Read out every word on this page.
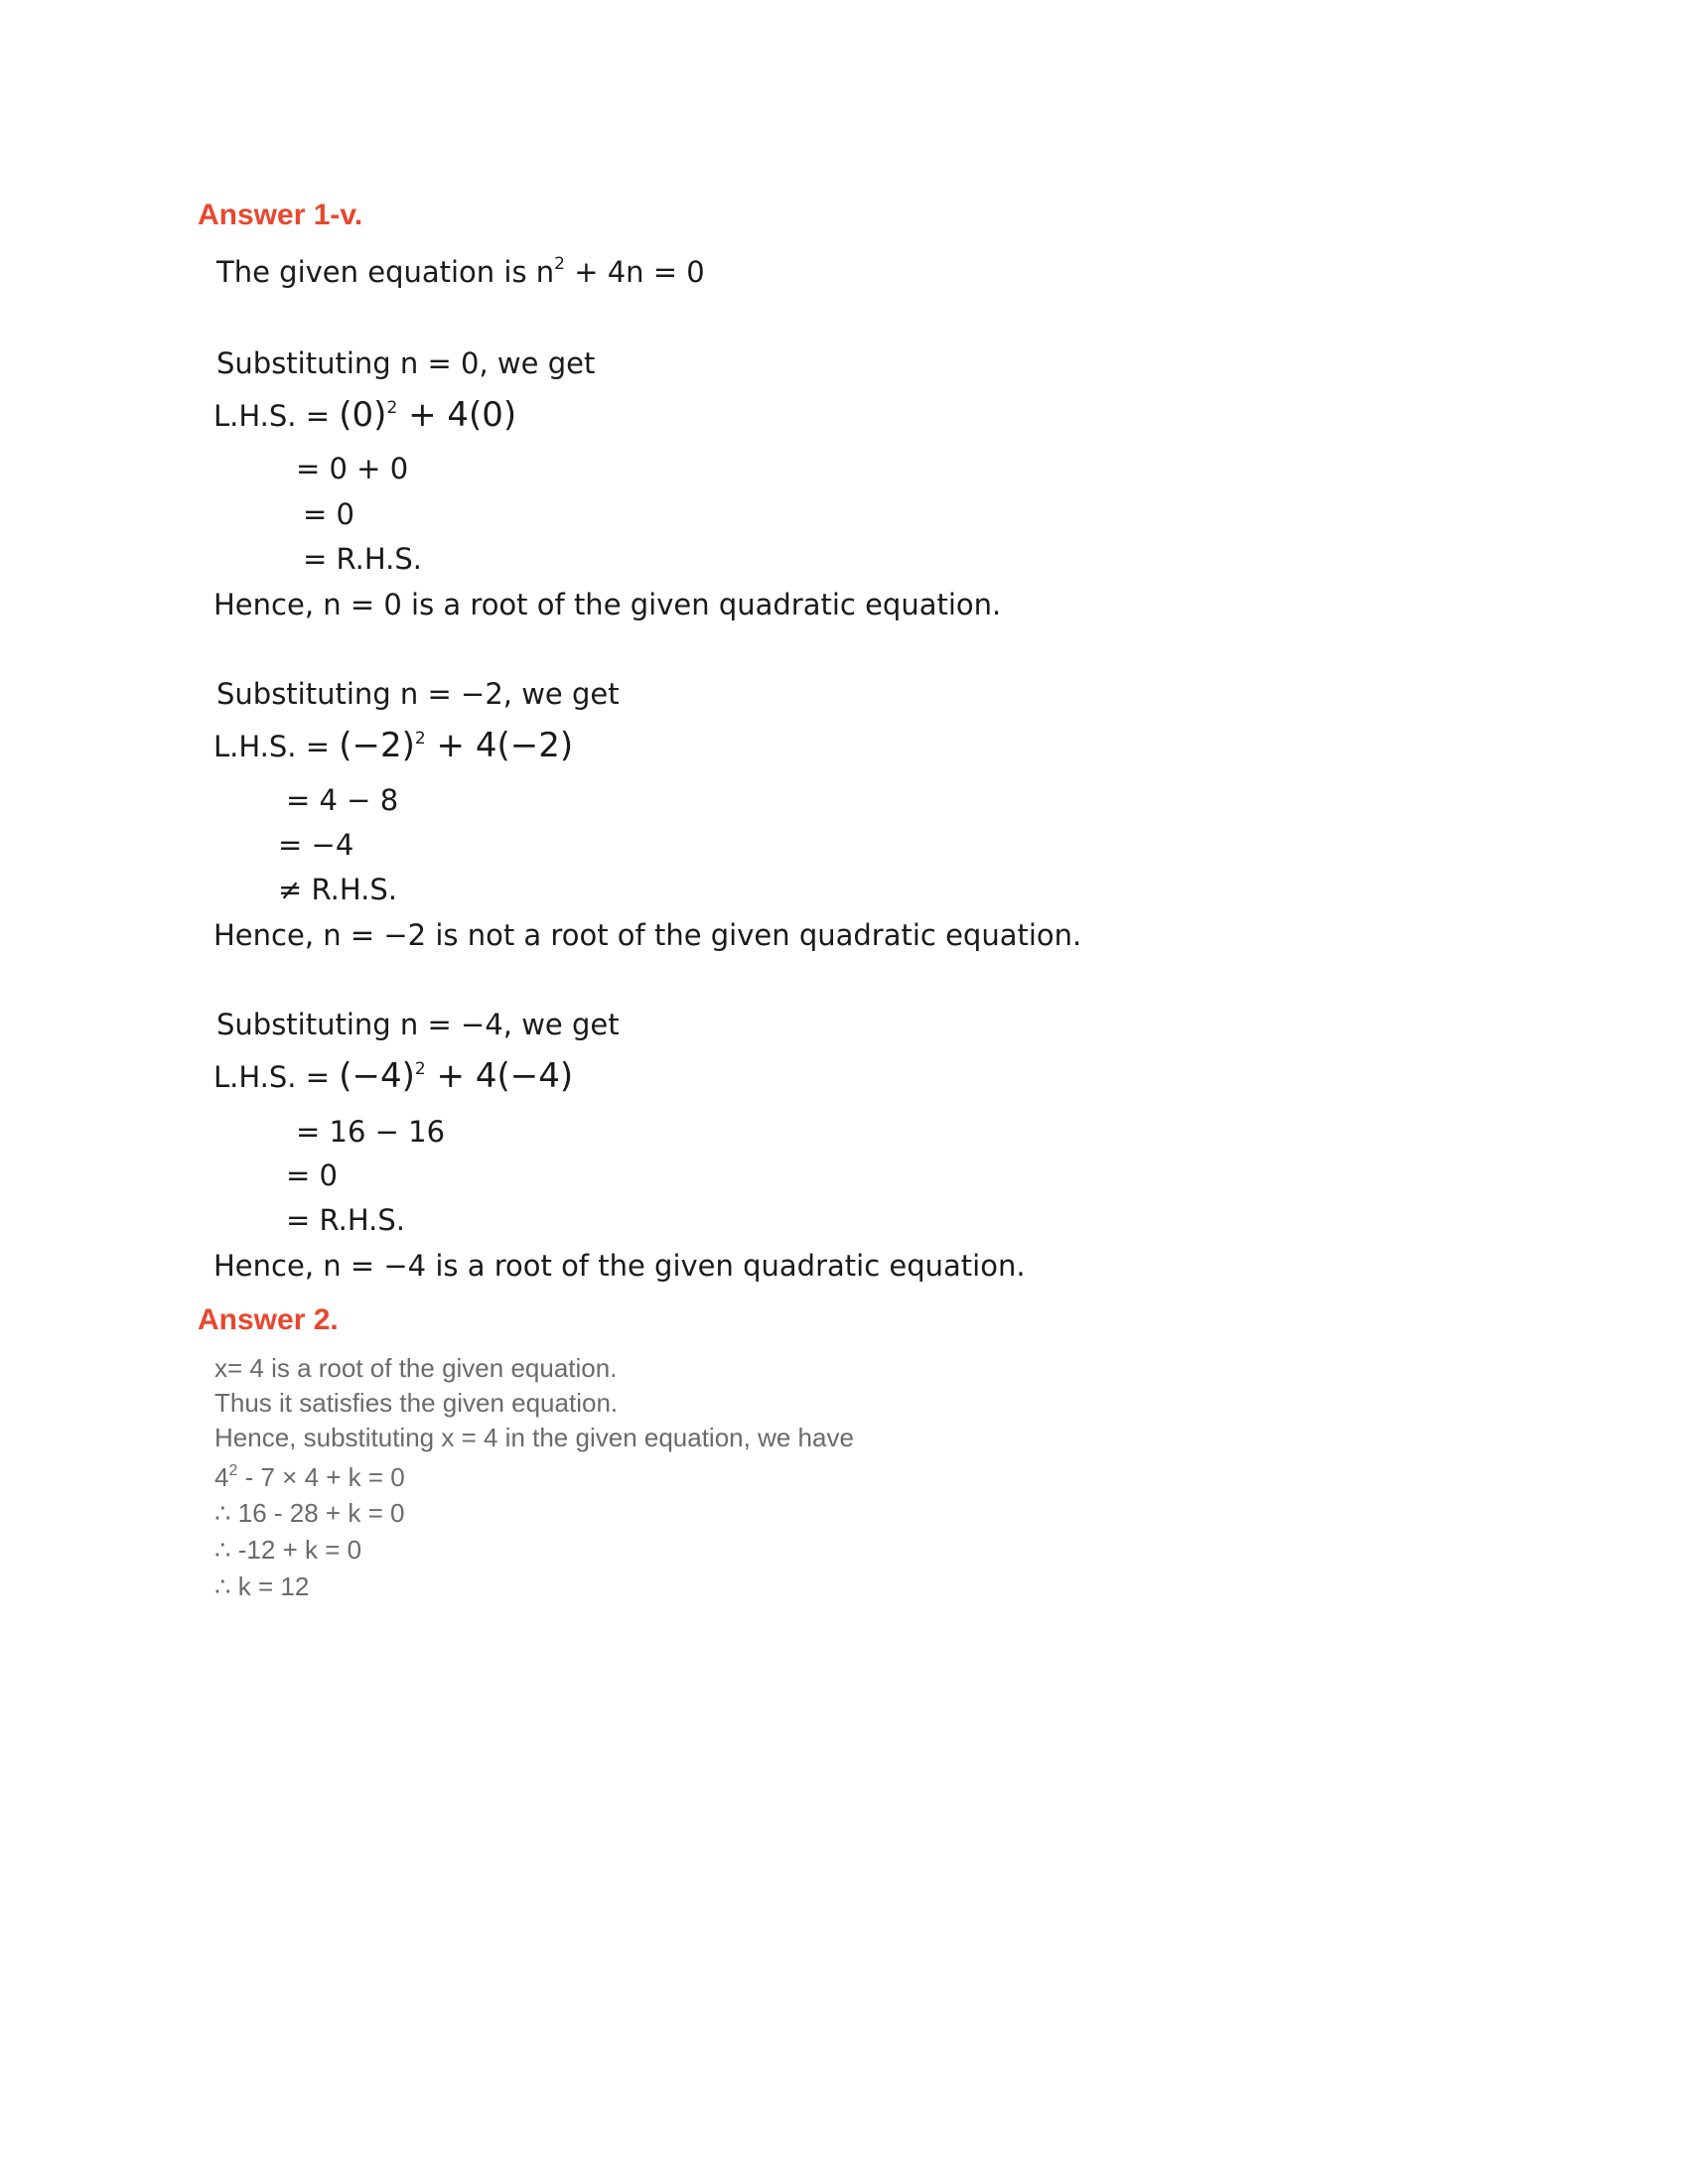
Answer 1-v.
The given equation is $n^2 + 4n = 0$
Substituting n = 0, we get
L.H.S. = $(0)^2 + 4(0)$
= 0 + 0
= 0
= R.H.S.
Hence, n = 0 is a root of the given quadratic equation.
Substituting n = −2, we get
L.H.S. = $(-2)^2 + 4(-2)$
= 4 − 8
= −4
≠ R.H.S.
Hence, n = −2 is not a root of the given quadratic equation.
Substituting n = −4, we get
L.H.S. = $(-4)^2 + 4(-4)$
= 16 − 16
= 0
= R.H.S.
Hence, n = −4 is a root of the given quadratic equation.
Answer 2.
x= 4 is a root of the given equation.
Thus it satisfies the given equation.
Hence, substituting x = 4 in the given equation, we have
$4^2 - 7 \times 4 + k = 0$
∴ 16 - 28 + k = 0
∴ -12 + k = 0
∴ k = 12
